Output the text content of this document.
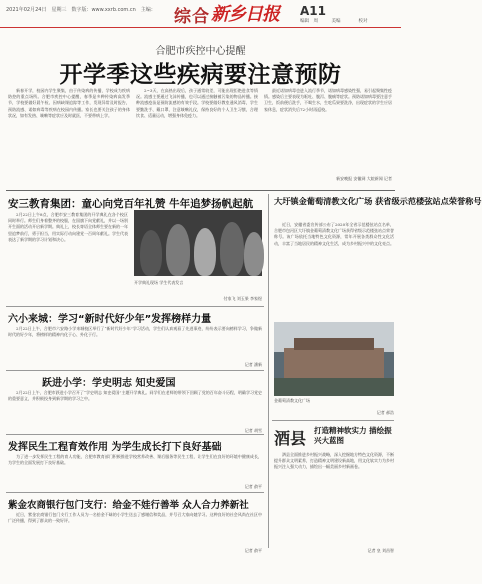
2021年02月24日　星期三　数字版：www.xxrb.com.cn　主编： 综合 新乡日报 A11
编辑　周　　　美编　　　　校对
合肥市疾控中心提醒
开学季这些疾病要注意预防

新春开学，校园内学生聚集，由于传染病的传播，学校成为疾病防控的重点场所。合肥市疾控中心提醒，春季是多种传染病高发季节，学校要做好晨午检、因病缺课追踪等工作，发现异常及时报告，预防流感、诺如病毒等疾病在校园内传播。家长也要关注孩子的身体状况，如有发热、咳嗽等症状应及时就医，不要带病上学。

2~3天，在高热出现后，孩子通常较差，可能出现拒绝进食等情况。流感主要通过飞沫传播，也可以通过接触被污染的物品传播。接种流感疫苗是预防流感的有效手段。学校要做好教室通风消毒，学生要勤洗手、戴口罩，注意咳嗽礼仪，保持良好的个人卫生习惯，合理饮食、适量运动，增强身体免疫力。

最近诺如病毒也进入流行季节，诺如病毒感染性强，易引起聚集性疫情。感染后主要表现为呕吐、腹泻、腹痛等症状。预防诺如病毒要注意手卫生，饭前便后洗手，不喝生水，生吃瓜果要洗净，出现症状的学生应居家休息，症状消失后72小时再返校。

新安晚报 安徽网 大皖新闻 记者
安三教育集团：童心向党百年礼赞 牛年追梦扬帆起航

2月22日上午8点，合肥市安三教育集团的开学典礼在各个校区同时举行。师生们身着整齐的校服，在国旗下向党献礼，并以一场别开生面的活动开启新学期。典礼上，校长寄语全体师生要在新的一年里追梦前行，勇于担当，用实际行动向建党一百周年献礼。学生代表表达了新学期的学习计划和决心。

开学典礼现场 学生代表发言
付家飞 刘玉果 李家煜
六小来城：学习“新时代好少年”发挥榜样力量

2月22日上午，合肥市六安路小学来城校区举行了“新时代好少年”学习活动，学生们认真观看了先进事迹，纷纷表示要向榜样学习，争做新时代的好少年，将榜样的精神内化于心、外化于行。

记者 潘新
跃进小学：学史明志 知史爱国

2月22日上午，合肥市跃进小学召开了“学史明志 知史爱国”主题开学典礼。同学们在老师的带领下回顾了党的百年奋斗历程，明确学习党史的重要意义，并积极投身到新学期的学习之中。

记者 胡雪
发挥民生工程育效作用 为学生成长打下良好基础

为了进一步发挥民生工程的育人功能，合肥市教育部门积极推进学校营养改善、课后服务等民生工程，让学生们在良好的环境中健康成长，为学生的全面发展打下良好基础。

记者 俞平
紫金农商银行包门支行：给金不娃行善举 众人合力养新社

近日，紫金农商银行包门支行工作人员为一名拾金不昧的小学生送去了感谢信和奖品，并号召大家向她学习。这种良好的社会风尚在社区中广泛传播，得到了群众的一致好评。

记者 俞平
大圩镇金葡萄清教文化广场 获省级示范楼弦站点荣誉称号

近日，安徽省委宣传部公布了2020年全省示范楼弦站点名单，合肥市包河区大圩镇金葡萄清教文化广场获得省级示范楼弦站点荣誉称号。该广场依托当地特色文化资源，常年开展各类群众性文化活动，丰富了当地居民的精神文化生活，成为乡村振兴中的文化亮点。

金葡萄清教文化广场
记者 郝浩
酒县 打造精神软实力 描绘振兴大蓝图

泗县全面推进乡村振兴战略，深入挖掘地方特色文化资源，不断提升群众文明素养，打造精神文明建设新高地，用文化软实力为乡村振兴注入强大动力，描绘出一幅美丽乡村新画卷。

记者 皇 刘昌智
